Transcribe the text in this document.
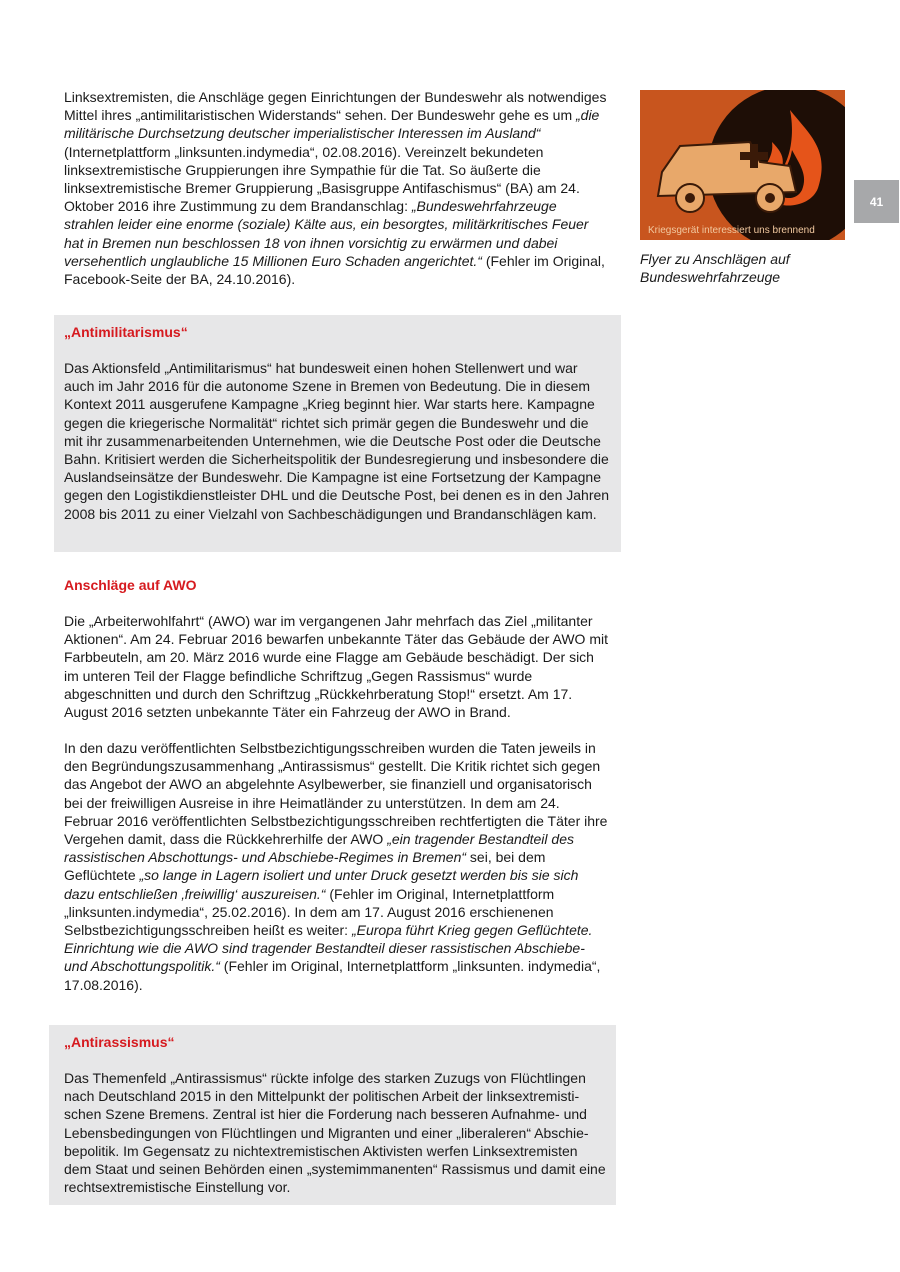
Linksextremisten, die Anschläge gegen Einrichtungen der Bundeswehr als notwendiges Mittel ihres „antimilitaristischen Widerstands“ sehen. Der Bundeswehr gehe es um „die militärische Durchsetzung deutscher imperialistischer Interessen im Ausland“ (Internetplattform „linksunten.indymedia“, 02.08.2016). Vereinzelt bekundeten linksextremistische Gruppierungen ihre Sympathie für die Tat. So äußerte die linksextremistische Bremer Gruppierung „Basisgruppe Antifaschismus“ (BA) am 24. Oktober 2016 ihre Zustimmung zu dem Brandanschlag: „Bundeswehrfahrzeuge strahlen leider eine enorme (soziale) Kälte aus, ein besorgtes, militärkritisches Feuer hat in Bremen nun beschlossen 18 von ihnen vorsichtig zu erwärmen und dabei versehentlich unglaubliche 15 Millionen Euro Schaden angerichtet.“ (Fehler im Original, Facebook-Seite der BA, 24.10.2016).

Kriegsgerät interessiert uns brennend

Flyer zu Anschlägen auf Bundeswehrfahrzeuge

41

„Antimilitarismus“

Das Aktionsfeld „Antimilitarismus“ hat bundesweit einen hohen Stellenwert und war auch im Jahr 2016 für die autonome Szene in Bremen von Bedeutung. Die in diesem Kontext 2011 ausgerufene Kampagne „Krieg beginnt hier. War starts here. Kampagne gegen die kriegerische Normalität“ richtet sich primär gegen die Bundeswehr und die mit ihr zusammenarbeitenden Unternehmen, wie die Deutsche Post oder die Deutsche Bahn. Kritisiert werden die Sicherheitspolitik der Bundesregierung und insbesondere die Auslandseinsätze der Bundeswehr. Die Kampagne ist eine Fortsetzung der Kampagne gegen den Logistikdienstleister DHL und die Deutsche Post, bei denen es in den Jahren 2008 bis 2011 zu einer Vielzahl von Sachbeschädigungen und Brandanschlägen kam.

Anschläge auf AWO

Die „Arbeiterwohlfahrt“ (AWO) war im vergangenen Jahr mehrfach das Ziel „militanter Aktionen“. Am 24. Februar 2016 bewarfen unbekannte Täter das Gebäude der AWO mit Farbbeuteln, am 20. März 2016 wurde eine Flagge am Gebäude beschädigt. Der sich im unteren Teil der Flagge befindliche Schriftzug „Gegen Rassismus“ wurde abgeschnitten und durch den Schriftzug „Rückkehrberatung Stop!“ ersetzt. Am 17. August 2016 setzten unbekannte Täter ein Fahrzeug der AWO in Brand.

In den dazu veröffentlichten Selbstbezichtigungsschreiben wurden die Taten jeweils in den Begründungszusammenhang „Antirassismus“ gestellt. Die Kritik richtet sich gegen das Angebot der AWO an abgelehnte Asylbewerber, sie finanziell und organisatorisch bei der freiwilligen Ausreise in ihre Heimatländer zu unterstützen. In dem am 24. Februar 2016 veröffentlichten Selbstbezichtigungsschreiben rechtfertigten die Täter ihre Vergehen damit, dass die Rückkehrerhilfe der AWO „ein tragender Bestandteil des rassistischen Abschottungs- und Abschiebe-Regimes in Bremen“ sei, bei dem Geflüchtete „so lange in Lagern isoliert und unter Druck gesetzt werden bis sie sich dazu entschließen ‚freiwillig‘ auszureisen.“ (Fehler im Original, Internetplattform „linksunten.indymedia“, 25.02.2016). In dem am 17. August 2016 erschienenen Selbstbezichtigungsschreiben heißt es weiter: „Europa führt Krieg gegen Geflüchtete. Einrichtung wie die AWO sind tragender Bestandteil dieser rassistischen Abschiebe- und Abschottungspolitik.“ (Fehler im Original, Internetplattform „linksunten. indymedia“, 17.08.2016).

„Antirassismus“

Das Themenfeld „Antirassismus“ rückte infolge des starken Zuzugs von Flüchtlingen nach Deutschland 2015 in den Mittelpunkt der politischen Arbeit der linksextremistischen Szene Bremens. Zentral ist hier die Forderung nach besseren Aufnahme- und Lebensbedingungen von Flüchtlingen und Migranten und einer „liberaleren“ Abschiebepolitik. Im Gegensatz zu nichtextremistischen Aktivisten werfen Linksextremisten dem Staat und seinen Behörden einen „systemimmanenten“ Rassismus und damit eine rechtsextremistische Einstellung vor.
